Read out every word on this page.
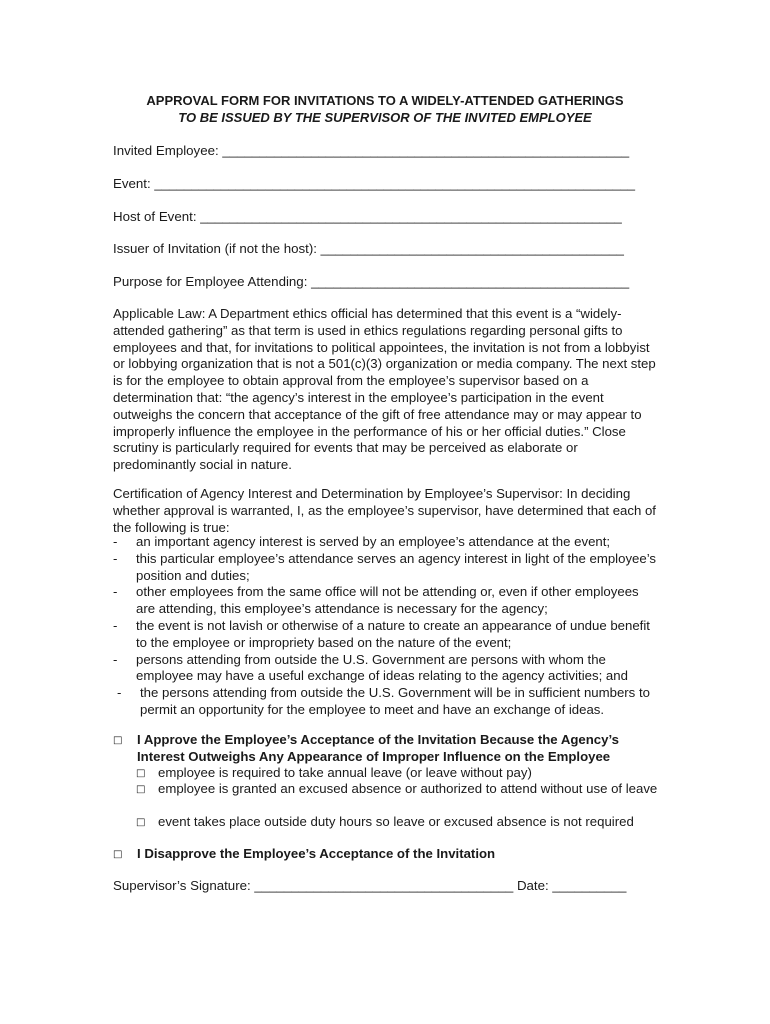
APPROVAL FORM FOR INVITATIONS TO A WIDELY-ATTENDED GATHERINGS
TO BE ISSUED BY THE SUPERVISOR OF THE INVITED EMPLOYEE
Invited Employee: _______________________________________________________
Event: _________________________________________________________________
Host of Event: _________________________________________________________
Issuer of Invitation (if not the host): _________________________________________
Purpose for Employee Attending: ___________________________________________

Applicable Law: A Department ethics official has determined that this event is a “widely-attended gathering” as that term is used in ethics regulations regarding personal gifts to employees and that, for invitations to political appointees, the invitation is not from a lobbyist or lobbying organization that is not a 501(c)(3) organization or media company. The next step is for the employee to obtain approval from the employee’s supervisor based on a determination that: “the agency’s interest in the employee’s participation in the event outweighs the concern that acceptance of the gift of free attendance may or may appear to improperly influence the employee in the performance of his or her official duties.” Close scrutiny is particularly required for events that may be perceived as elaborate or predominantly social in nature.

Certification of Agency Interest and Determination by Employee’s Supervisor: In deciding whether approval is warranted, I, as the employee’s supervisor, have determined that each of the following is true:

- an important agency interest is served by an employee’s attendance at the event;
- this particular employee’s attendance serves an agency interest in light of the employee’s position and duties;
- other employees from the same office will not be attending or, even if other employees are attending, this employee’s attendance is necessary for the agency;
- the event is not lavish or otherwise of a nature to create an appearance of undue benefit to the employee or impropriety based on the nature of the event;
- persons attending from outside the U.S. Government are persons with whom the employee may have a useful exchange of ideas relating to the agency activities; and
- the persons attending from outside the U.S. Government will be in sufficient numbers to permit an opportunity for the employee to meet and have an exchange of ideas.
□	I Approve the Employee’s Acceptance of the Invitation Because the Agency’s Interest Outweighs Any Appearance of Improper Influence on the Employee
□ employee is required to take annual leave (or leave without pay)
□ employee is granted an excused absence or authorized to attend without use of leave
□ event takes place outside duty hours so leave or excused absence is not required
□	I Disapprove the Employee’s Acceptance of the Invitation
Supervisor’s Signature: ___________________________________ Date: __________
